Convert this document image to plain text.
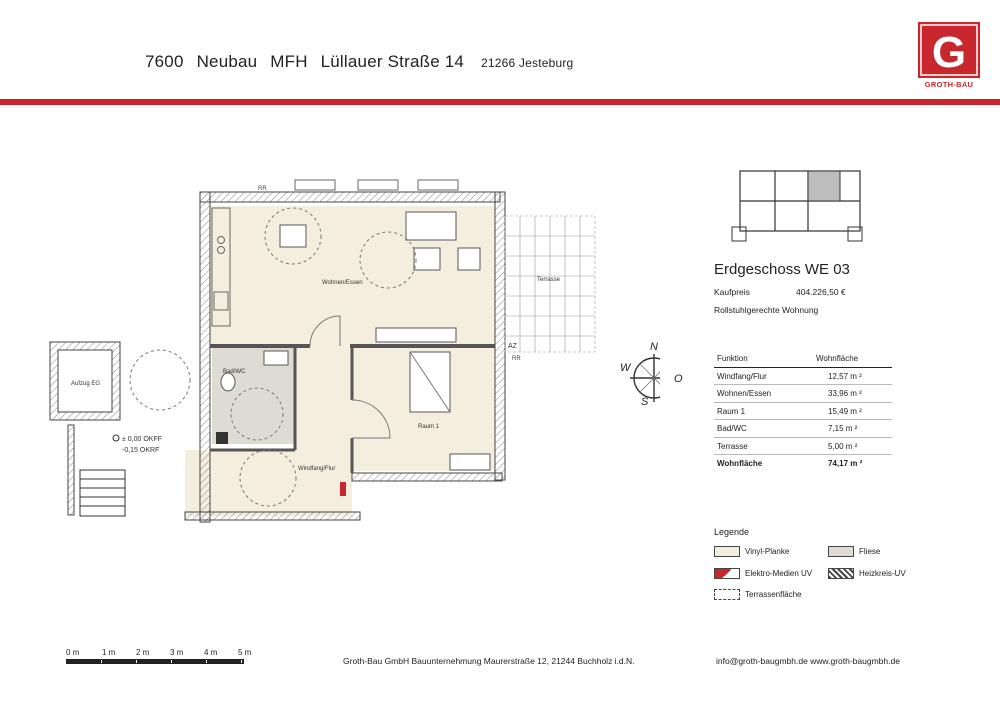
7600 Neubau MFH Lüllauer Straße 14 21266 Jesteburg	G
GROTH-BAU
RR
Wohnen/Essen
Bad/WC
Windfang/Flur
Raum 1
Terrasse
AZ
RR
Aufzug EG
± 0,00 OKFF
-0,15 OKRF
N
O
S
W
Erdgeschoss WE 03
Kaufpreis	404.226,50 €
Rollstuhlgerechte Wohnung
Funktion	Wohnfläche
Windfang/Flur	12,57 m ²
Wohnen/Essen	33,96 m ²
Raum 1	15,49 m ²
Bad/WC	7,15 m ²
Terrasse	5,00 m ²
Wohnfläche	74,17 m ²
Legende
Vinyl-Planke	Fliese
Elektro-Medien UV	Heizkreis-UV
Terrassenfläche
0 m	1 m	2 m	3 m	4 m	5 m
Groth-Bau GmbH Bauunternehmung Maurerstraße 12, 21244 Buchholz i.d.N.	info@groth-baugmbh.de www.groth-baugmbh.de
